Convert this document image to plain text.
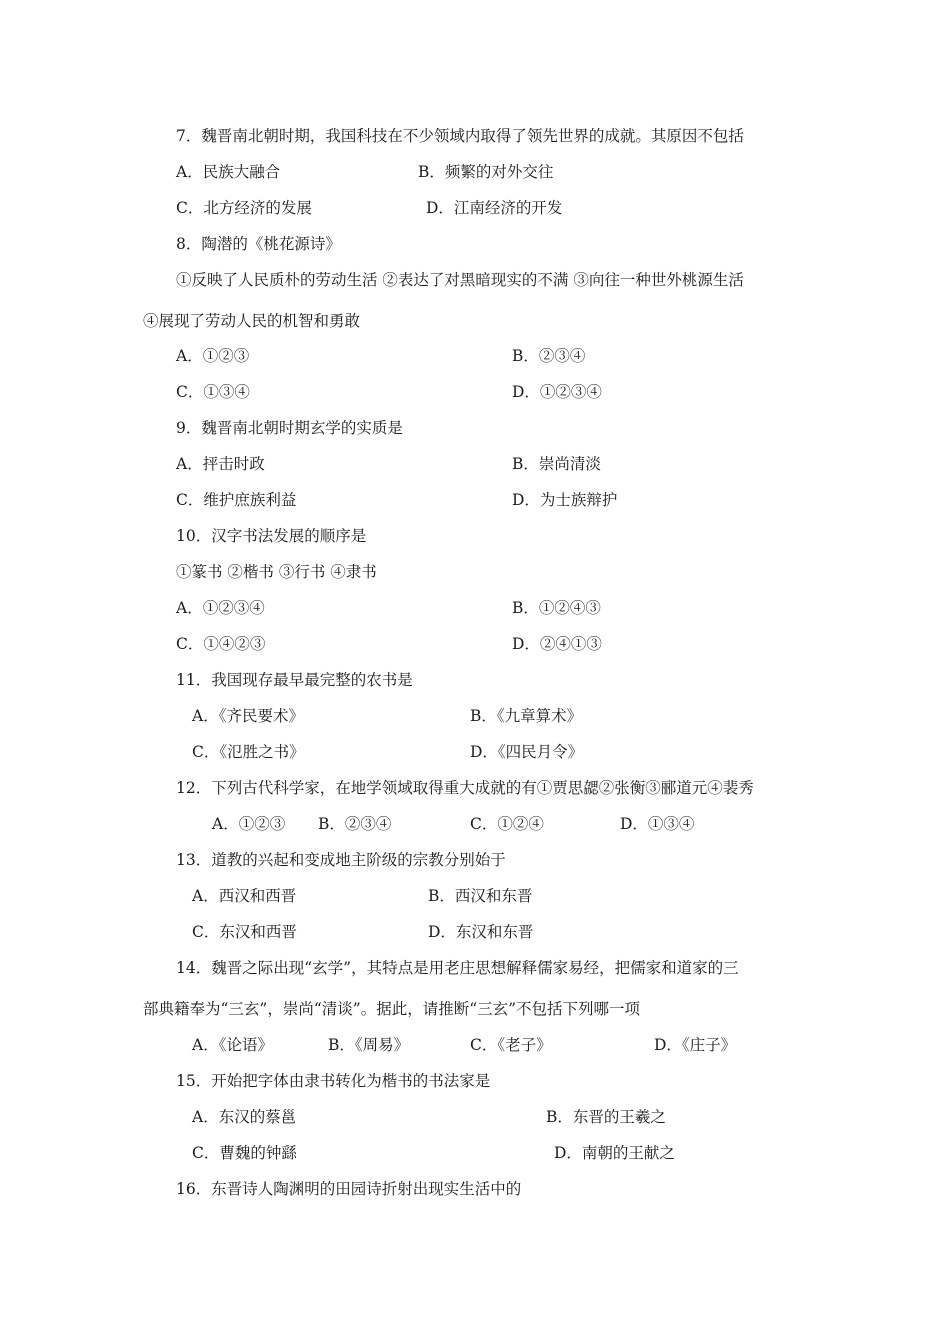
7．魏晋南北朝时期，我国科技在不少领域内取得了领先世界的成就。其原因不包括
A．民族大融合	B．频繁的对外交往
C．北方经济的发展	D．江南经济的开发
8．陶潜的《桃花源诗》
①反映了人民质朴的劳动生活 ②表达了对黑暗现实的不满 ③向往一种世外桃源生活
④展现了劳动人民的机智和勇敢
A．①②③	B．②③④
C．①③④	D．①②③④
9．魏晋南北朝时期玄学的实质是
A．抨击时政	B．崇尚清淡
C．维护庶族利益	D．为士族辩护
10．汉字书法发展的顺序是
①篆书 ②楷书 ③行书 ④隶书
A．①②③④	B．①②④③
C．①④②③	D．②④①③
11．我国现存最早最完整的农书是
A．《齐民要术》	B．《九章算术》
C．《氾胜之书》	D．《四民月令》
12．下列古代科学家，在地学领域取得重大成就的有①贾思勰②张衡③郦道元④裴秀
A．①②③ B．②③④	C．①②④	D．①③④
13．道教的兴起和变成地主阶级的宗教分别始于
A．西汉和西晋	B．西汉和东晋
C．东汉和西晋	D．东汉和东晋
14．魏晋之际出现“玄学”，其特点是用老庄思想解释儒家易经，把儒家和道家的三
部典籍奉为“三玄”，崇尚“清谈”。据此，请推断“三玄”不包括下列哪一项
A．《论语》	B．《周易》	C．《老子》	D．《庄子》
15．开始把字体由隶书转化为楷书的书法家是
A．东汉的蔡邕	B．东晋的王羲之
C．曹魏的钟繇	D．南朝的王献之
16．东晋诗人陶渊明的田园诗折射出现实生活中的
